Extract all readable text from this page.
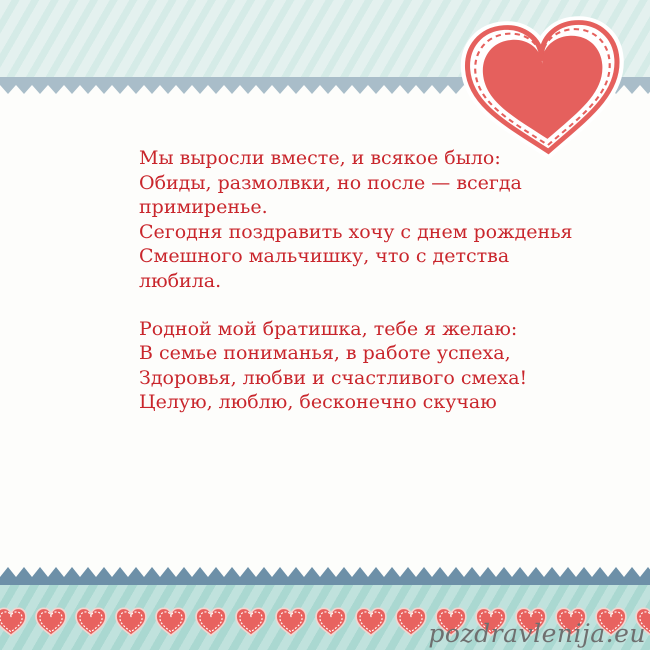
Мы выросли вместе, и всякое было:
Обиды, размолвки, но после — всегда
примиренье.
Сегодня поздравить хочу с днем рожденья
Смешного мальчишку, что с детства
любила.
Родной мой братишка, тебе я желаю:
В семье пониманья, в работе успеха,
Здоровья, любви и счастливого смеха!
Целую, люблю, бесконечно скучаю
pozdravlenija.eu
